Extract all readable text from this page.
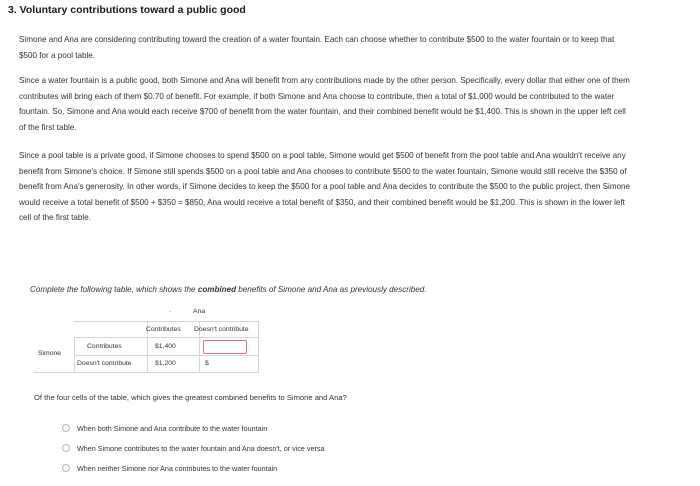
3. Voluntary contributions toward a public good
Simone and Ana are considering contributing toward the creation of a water fountain. Each can choose whether to contribute $500 to the water fountain or to keep that $500 for a pool table.
Since a water fountain is a public good, both Simone and Ana will benefit from any contributions made by the other person. Specifically, every dollar that either one of them contributes will bring each of them $0.70 of benefit. For example, if both Simone and Ana choose to contribute, then a total of $1,000 would be contributed to the water fountain. So, Simone and Ana would each receive $700 of benefit from the water fountain, and their combined benefit would be $1,400. This is shown in the upper left cell of the first table.
Since a pool table is a private good, if Simone chooses to spend $500 on a pool table, Simone would get $500 of benefit from the pool table and Ana wouldn't receive any benefit from Simone's choice. If Simone still spends $500 on a pool table and Ana chooses to contribute $500 to the water fountain, Simone would still receive the $350 of benefit from Ana's generosity. In other words, if Simone decides to keep the $500 for a pool table and Ana decides to contribute the $500 to the public project, then Simone would receive a total benefit of $500 + $350 = $850, Ana would receive a total benefit of $350, and their combined benefit would be $1,200. This is shown in the lower left cell of the first table.
Complete the following table, which shows the combined benefits of Simone and Ana as previously described.
-	Ana
Simone
Contributes Doesn't contribute
Contributes
Doesn't contribute
$1,400
$1,200	$
Of the four cells of the table, which gives the greatest combined benefits to Simone and Ana?
When both Simone and Ana contribute to the water fountain
When Simone contributes to the water fountain and Ana doesn't, or vice versa
When neither Simone nor Ana contributes to the water fountain
